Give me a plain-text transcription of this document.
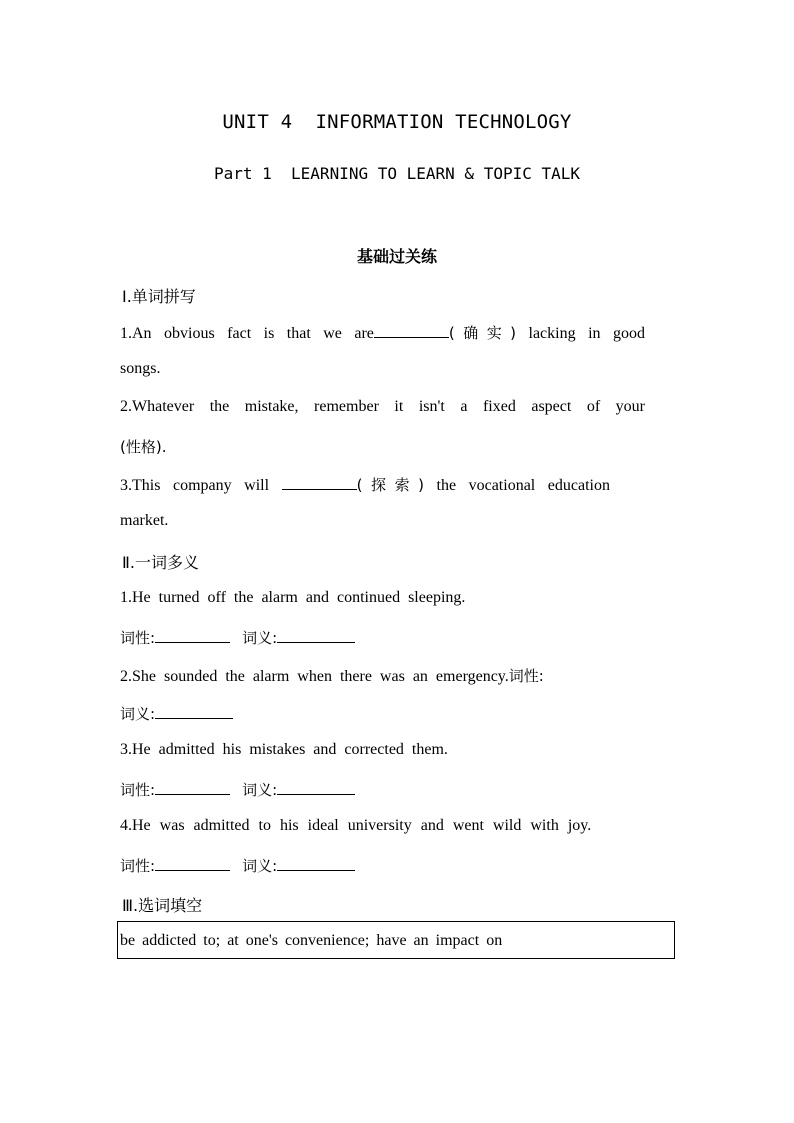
UNIT 4  INFORMATION TECHNOLOGY
Part 1  LEARNING TO LEARN & TOPIC TALK
基础过关练
Ⅰ.单词拼写
1.An obvious fact is that we are	(确实) lacking in good
songs.
2.Whatever the mistake, remember it isn't a fixed aspect of your
(性格).
3.This company will	(探索) the vocational education
market.
Ⅱ.一词多义
1.He turned off the alarm and continued sleeping.
词性:	词义:
2.She sounded the alarm when there was an emergency.词性:
词义:
3.He admitted his mistakes and corrected them.
词性:	词义:
4.He was admitted to his ideal university and went wild with joy.
词性:	词义:
Ⅲ.选词填空
be addicted to; at one's convenience; have an impact on
